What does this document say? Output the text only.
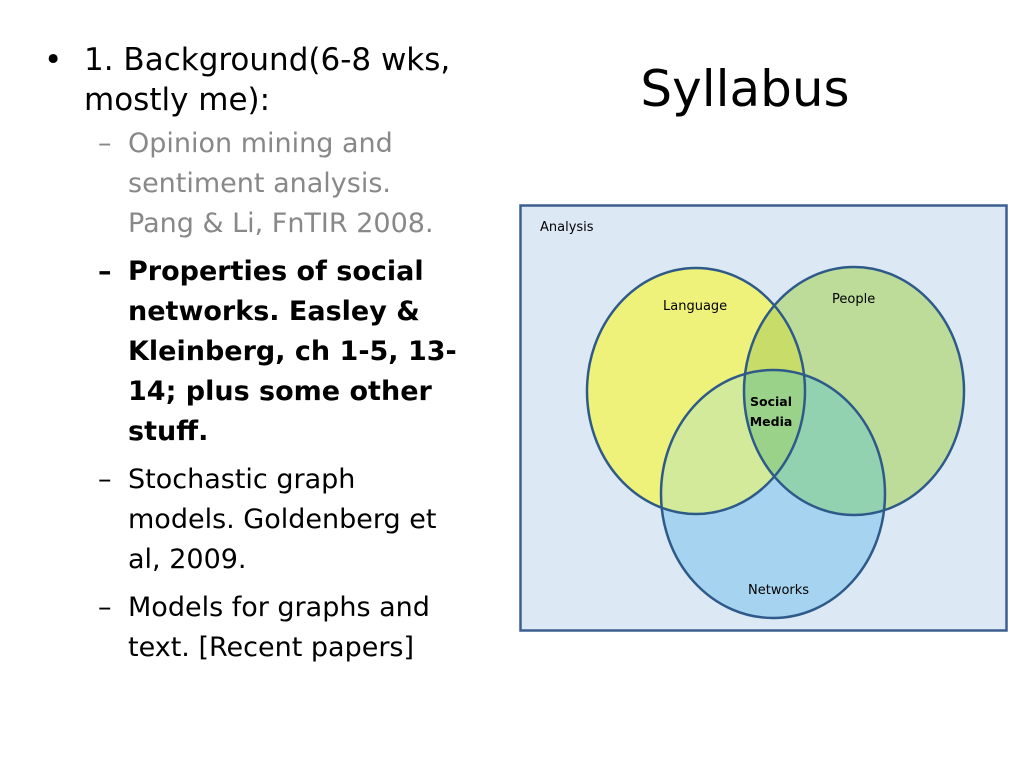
Syllabus
• 1. Background(6-8 wks,
mostly me):
– Opinion mining and
sentiment analysis.
Pang & Li, FnTIR 2008.
– Properties of social
networks. Easley &
Kleinberg, ch 1-5, 13-
14; plus some other
stuff.
– Stochastic graph
models. Goldenberg et
al, 2009.
– Models for graphs and
text. [Recent papers]
Analysis
Language	People
Networks
Social
Media
